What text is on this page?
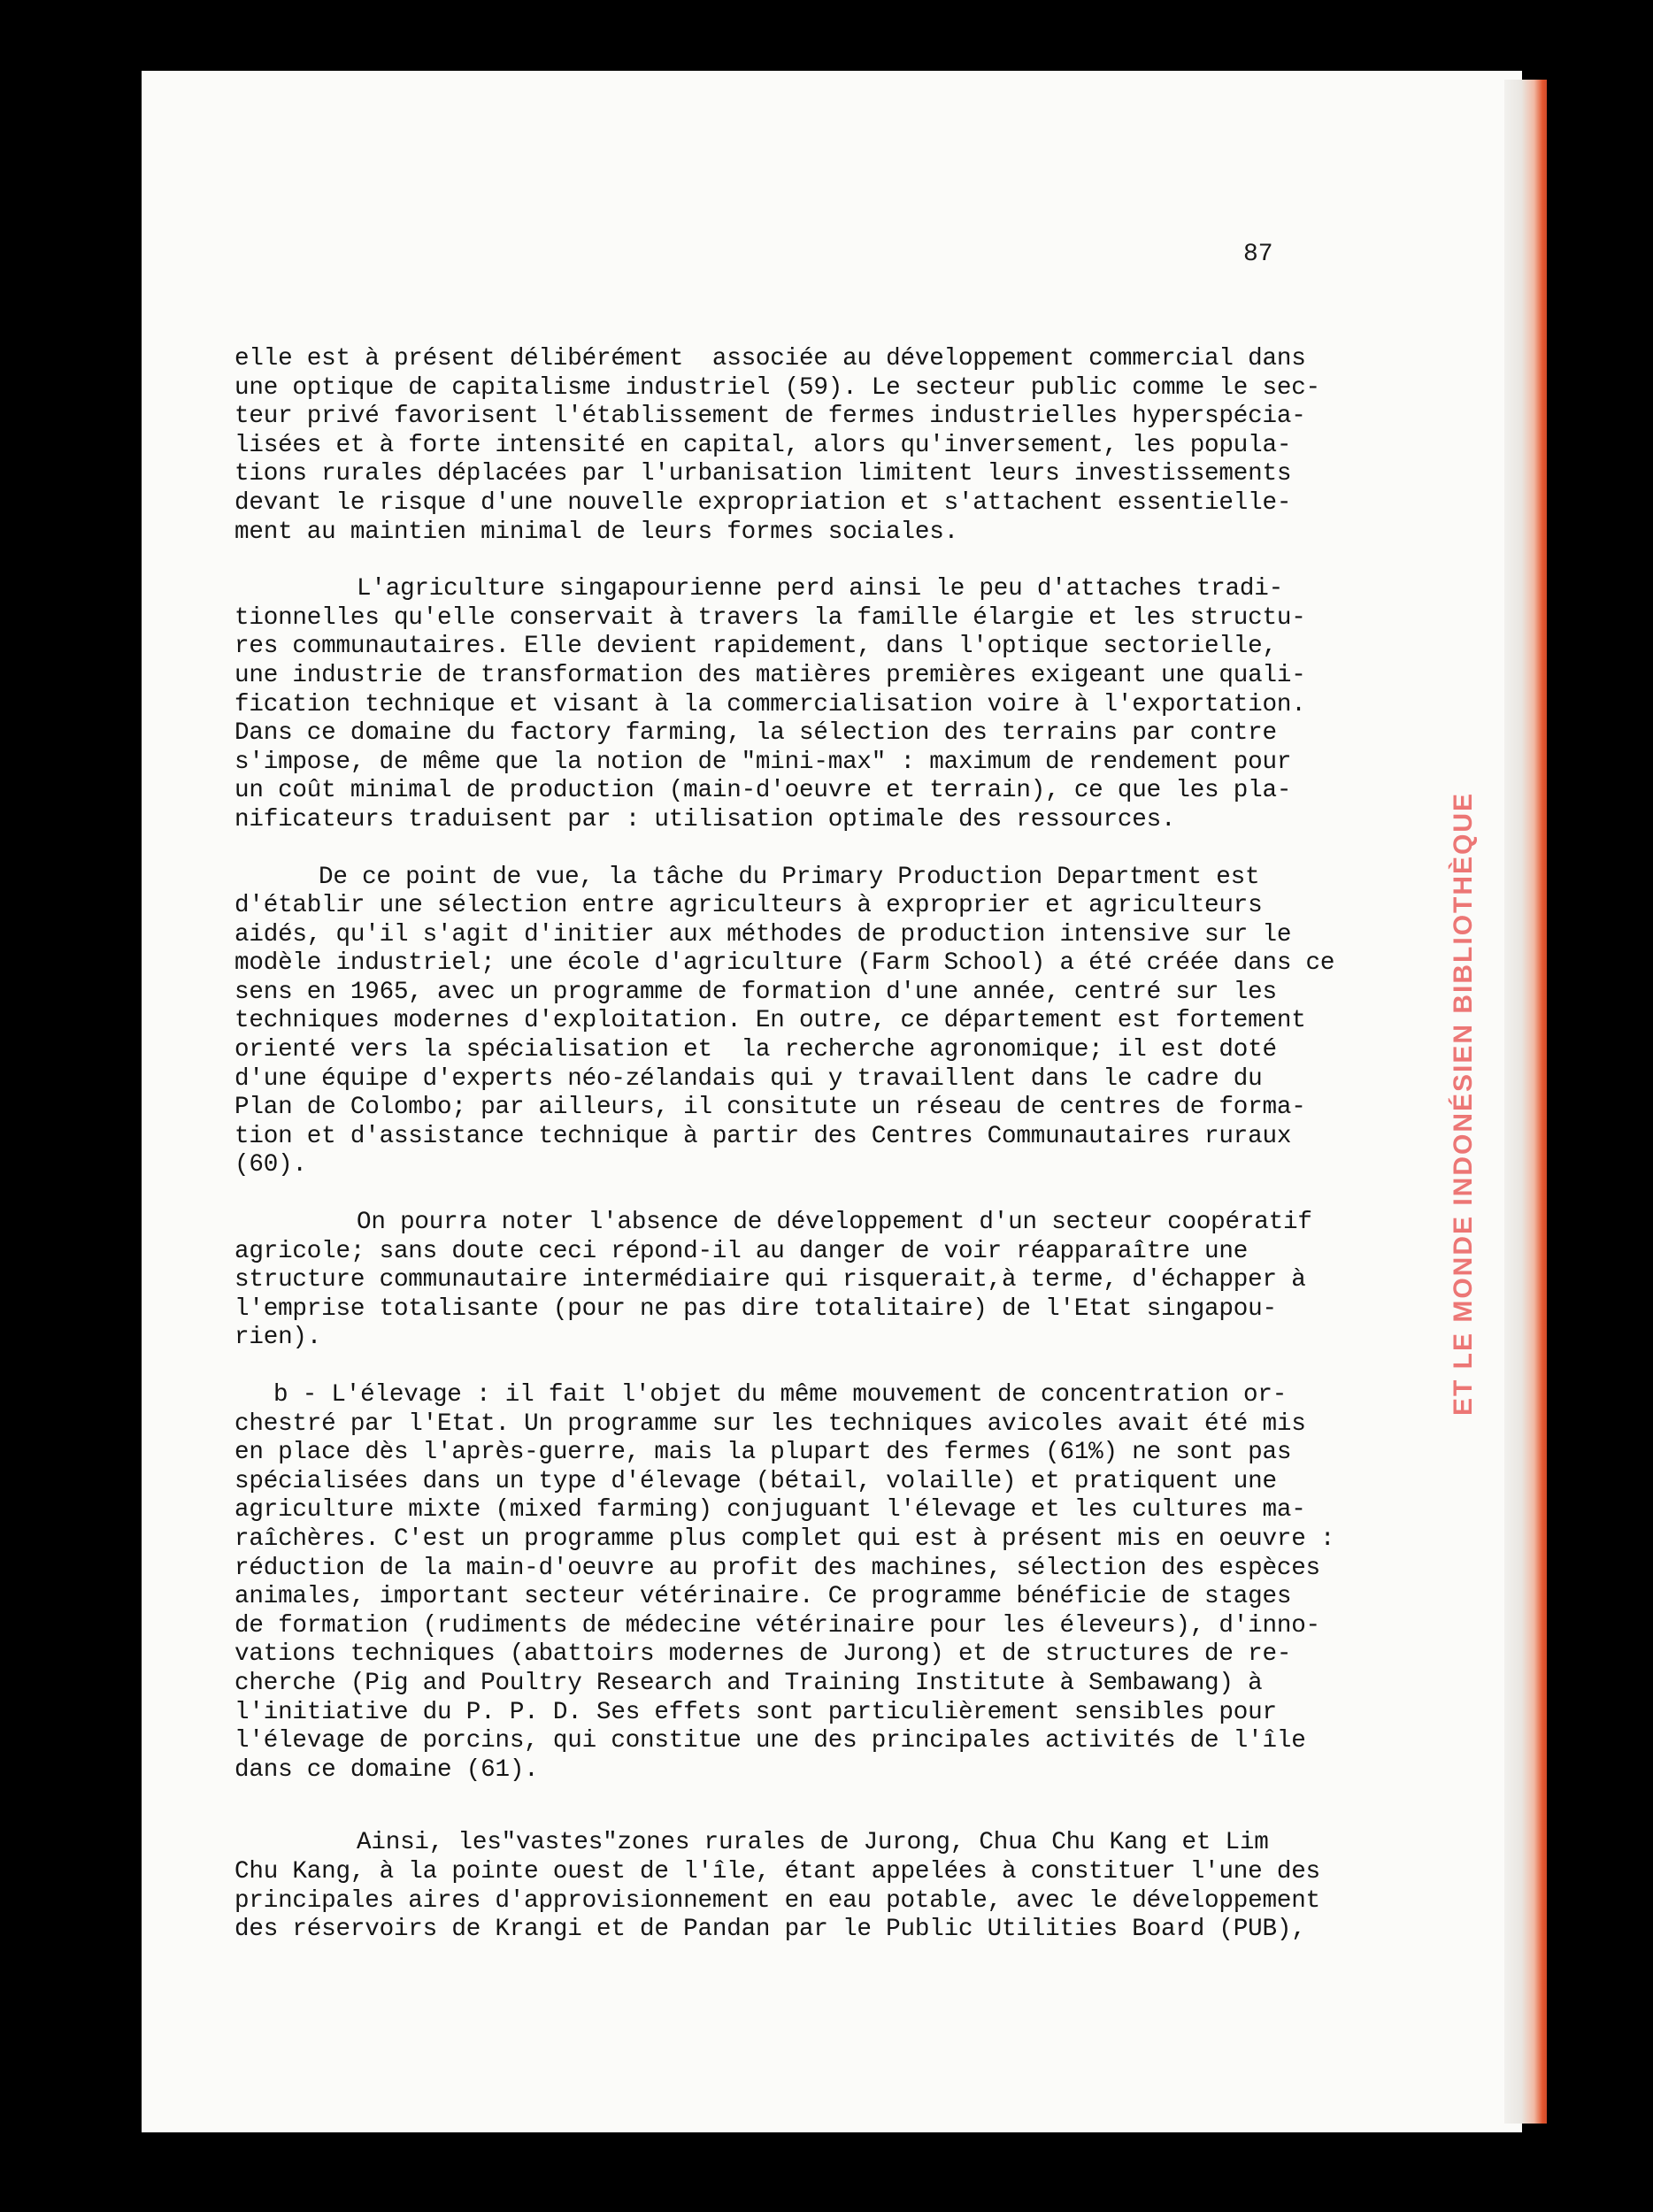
ET LE MONDE INDONÉSIEN BIBLIOTHÈQUE
87

elle est à présent délibérément  associée au développement commercial dans
une optique de capitalisme industriel (59). Le secteur public comme le sec-
teur privé favorisent l'établissement de fermes industrielles hyperspécia-
lisées et à forte intensité en capital, alors qu'inversement, les popula-
tions rurales déplacées par l'urbanisation limitent leurs investissements
devant le risque d'une nouvelle expropriation et s'attachent essentielle-
ment au maintien minimal de leurs formes sociales.

L'agriculture singapourienne perd ainsi le peu d'attaches tradi-
tionnelles qu'elle conservait à travers la famille élargie et les structu-
res communautaires. Elle devient rapidement, dans l'optique sectorielle,
une industrie de transformation des matières premières exigeant une quali-
fication technique et visant à la commercialisation voire à l'exportation.
Dans ce domaine du factory farming, la sélection des terrains par contre
s'impose, de même que la notion de "mini-max" : maximum de rendement pour
un coût minimal de production (main-d'oeuvre et terrain), ce que les pla-
nificateurs traduisent par : utilisation optimale des ressources.

De ce point de vue, la tâche du Primary Production Department est
d'établir une sélection entre agriculteurs à exproprier et agriculteurs
aidés, qu'il s'agit d'initier aux méthodes de production intensive sur le
modèle industriel; une école d'agriculture (Farm School) a été créée dans ce
sens en 1965, avec un programme de formation d'une année, centré sur les
techniques modernes d'exploitation. En outre, ce département est fortement
orienté vers la spécialisation et  la recherche agronomique; il est doté
d'une équipe d'experts néo-zélandais qui y travaillent dans le cadre du
Plan de Colombo; par ailleurs, il consitute un réseau de centres de forma-
tion et d'assistance technique à partir des Centres Communautaires ruraux
(60).

On pourra noter l'absence de développement d'un secteur coopératif
agricole; sans doute ceci répond-il au danger de voir réapparaître une
structure communautaire intermédiaire qui risquerait,à terme, d'échapper à
l'emprise totalisante (pour ne pas dire totalitaire) de l'Etat singapou-
rien).

b - L'élevage : il fait l'objet du même mouvement de concentration or-
chestré par l'Etat. Un programme sur les techniques avicoles avait été mis
en place dès l'après-guerre, mais la plupart des fermes (61%) ne sont pas
spécialisées dans un type d'élevage (bétail, volaille) et pratiquent une
agriculture mixte (mixed farming) conjuguant l'élevage et les cultures ma-
raîchères. C'est un programme plus complet qui est à présent mis en oeuvre :
réduction de la main-d'oeuvre au profit des machines, sélection des espèces
animales, important secteur vétérinaire. Ce programme bénéficie de stages
de formation (rudiments de médecine vétérinaire pour les éleveurs), d'inno-
vations techniques (abattoirs modernes de Jurong) et de structures de re-
cherche (Pig and Poultry Research and Training Institute à Sembawang) à
l'initiative du P. P. D. Ses effets sont particulièrement sensibles pour
l'élevage de porcins, qui constitue une des principales activités de l'île
dans ce domaine (61).

Ainsi, les"vastes"zones rurales de Jurong, Chua Chu Kang et Lim
Chu Kang, à la pointe ouest de l'île, étant appelées à constituer l'une des
principales aires d'approvisionnement en eau potable, avec le développement
des réservoirs de Krangi et de Pandan par le Public Utilities Board (PUB),
